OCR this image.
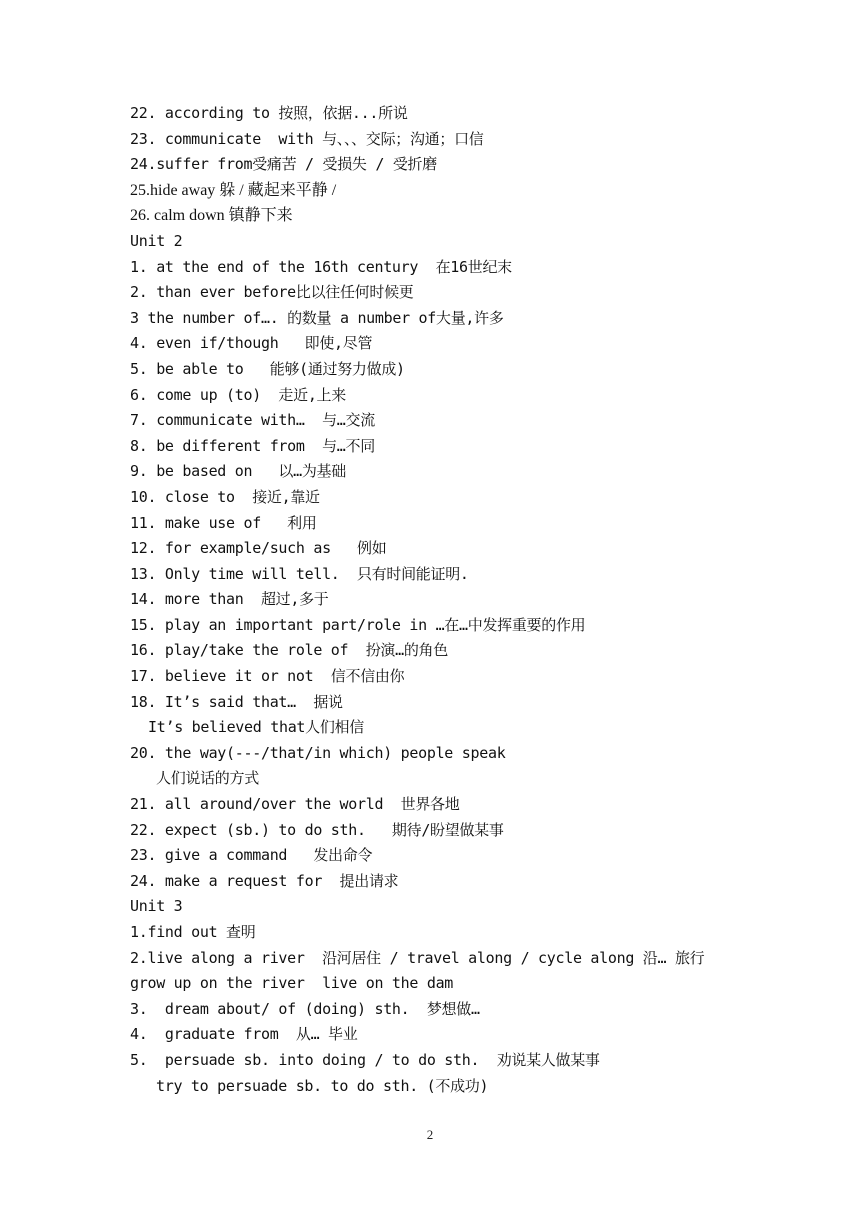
22. according to 按照，依据...所说
23. communicate  with 与、、、交际；沟通；口信
24.suffer from受痛苦 / 受损失 / 受折磨
25.hide away 躲 / 藏起来平静 /
26. calm down 镇静下来
Unit 2
1. at the end of the 16th century  在16世纪末
2. than ever before比以往任何时候更
3 the number of…. 的数量 a number of大量,许多
4. even if/though   即使,尽管
5. be able to   能够(通过努力做成)
6. come up (to)  走近,上来
7. communicate with…  与…交流
8. be different from  与…不同
9. be based on   以…为基础
10. close to  接近,靠近
11. make use of   利用
12. for example/such as   例如
13. Only time will tell.  只有时间能证明.
14. more than  超过,多于
15. play an important part/role in …在…中发挥重要的作用
16. play/take the role of  扮演…的角色
17. believe it or not  信不信由你
18. It’s said that…  据说
It’s believed that人们相信
20. the way(---/that/in which) people speak
人们说话的方式
21. all around/over the world  世界各地
22. expect (sb.) to do sth.   期待/盼望做某事
23. give a command   发出命令
24. make a request for  提出请求
Unit 3
1.find out 查明
2.live along a river  沿河居住 / travel along / cycle along 沿… 旅行
grow up on the river  live on the dam
3.  dream about/ of (doing) sth.  梦想做…
4.  graduate from  从… 毕业
5.  persuade sb. into doing / to do sth.  劝说某人做某事
try to persuade sb. to do sth. (不成功)
2
